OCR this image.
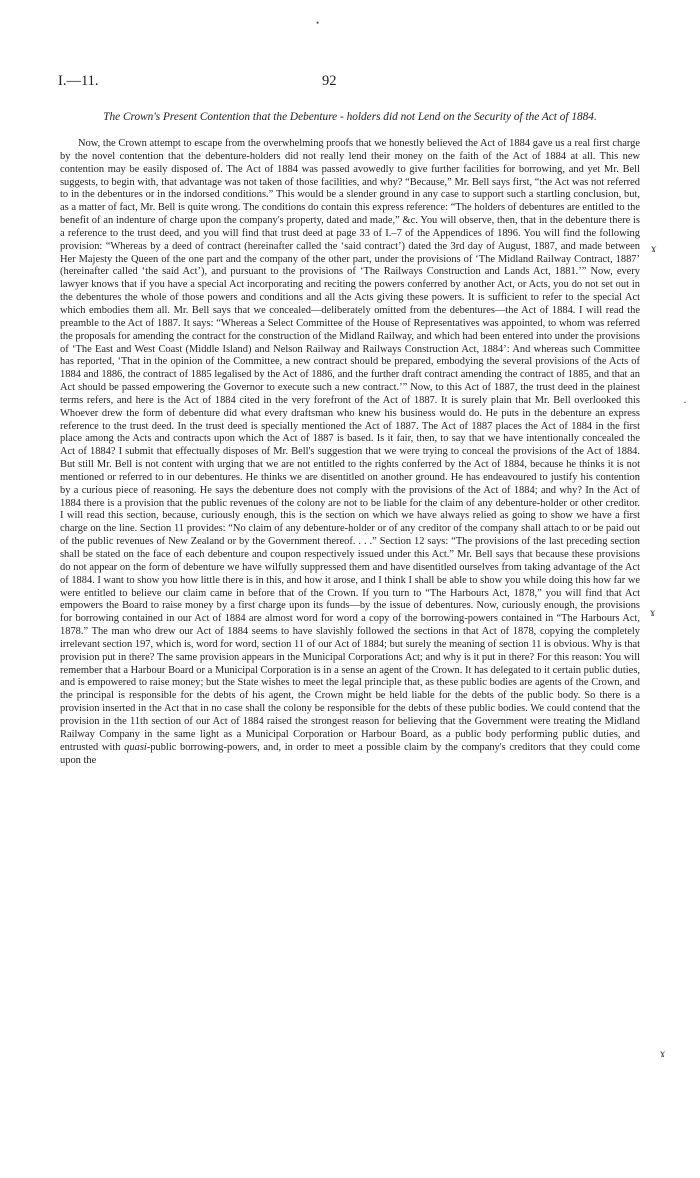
•
I.—11.	92
The Crown's Present Contention that the Debenture - holders did not Lend on the Security of the Act of 1884.

Now, the Crown attempt to escape from the overwhelming proofs that we honestly believed the Act of 1884 gave us a real first charge by the novel contention that the debenture-holders did not really lend their money on the faith of the Act of 1884 at all. This new contention may be easily disposed of. The Act of 1884 was passed avowedly to give further facilities for borrowing, and yet Mr. Bell suggests, to begin with, that advantage was not taken of those facilities, and why? “Because,” Mr. Bell says first, “the Act was not referred to in the debentures or in the indorsed conditions.” This would be a slender ground in any case to support such a startling conclusion, but, as a matter of fact, Mr. Bell is quite wrong. The conditions do contain this express reference: “The holders of debentures are entitled to the benefit of an indenture of charge upon the company's property, dated and made,” &c. You will observe, then, that in the debenture there is a reference to the trust deed, and you will find that trust deed at page 33 of I.–7 of the Appendices of 1896. You will find the following provision: “Whereas by a deed of contract (hereinafter called the ‘said contract’) dated the 3rd day of August, 1887, and made between Her Majesty the Queen of the one part and the company of the other part, under the provisions of ‘The Midland Railway Contract, 1887’ (hereinafter called ‘the said Act’), and pursuant to the provisions of ‘The Railways Construction and Lands Act, 1881.’” Now, every lawyer knows that if you have a special Act incorporating and reciting the powers conferred by another Act, or Acts, you do not set out in the debentures the whole of those powers and conditions and all the Acts giving these powers. It is sufficient to refer to the special Act which embodies them all. Mr. Bell says that we concealed—deliberately omitted from the debentures—the Act of 1884. I will read the preamble to the Act of 1887. It says: “Whereas a Select Committee of the House of Representatives was appointed, to whom was referred the proposals for amending the contract for the construction of the Midland Railway, and which had been entered into under the provisions of ‘The East and West Coast (Middle Island) and Nelson Railway and Railways Construction Act, 1884’: And whereas such Committee has reported, ‘That in the opinion of the Committee, a new contract should be prepared, embodying the several provisions of the Acts of 1884 and 1886, the contract of 1885 legalised by the Act of 1886, and the further draft contract amending the contract of 1885, and that an Act should be passed empowering the Governor to execute such a new contract.’” Now, to this Act of 1887, the trust deed in the plainest terms refers, and here is the Act of 1884 cited in the very forefront of the Act of 1887. It is surely plain that Mr. Bell overlooked this Whoever drew the form of debenture did what every draftsman who knew his business would do. He puts in the debenture an express reference to the trust deed. In the trust deed is specially mentioned the Act of 1887. The Act of 1887 places the Act of 1884 in the first place among the Acts and contracts upon which the Act of 1887 is based. Is it fair, then, to say that we have intentionally concealed the Act of 1884? I submit that effectually disposes of Mr. Bell's suggestion that we were trying to conceal the provisions of the Act of 1884. But still Mr. Bell is not content with urging that we are not entitled to the rights conferred by the Act of 1884, because he thinks it is not mentioned or referred to in our debentures. He thinks we are disentitled on another ground. He has endeavoured to justify his contention by a curious piece of reasoning. He says the debenture does not comply with the provisions of the Act of 1884; and why? In the Act of 1884 there is a provision that the public revenues of the colony are not to be liable for the claim of any debenture-holder or other creditor. I will read this section, because, curiously enough, this is the section on which we have always relied as going to show we have a first charge on the line. Section 11 provides: “No claim of any debenture-holder or of any creditor of the company shall attach to or be paid out of the public revenues of New Zealand or by the Government thereof. . . .” Section 12 says: “The provisions of the last preceding section shall be stated on the face of each debenture and coupon respectively issued under this Act.” Mr. Bell says that because these provisions do not appear on the form of debenture we have wilfully suppressed them and have disentitled ourselves from taking advantage of the Act of 1884. I want to show you how little there is in this, and how it arose, and I think I shall be able to show you while doing this how far we were entitled to believe our claim came in before that of the Crown. If you turn to “The Harbours Act, 1878,” you will find that Act empowers the Board to raise money by a first charge upon its funds—by the issue of debentures. Now, curiously enough, the provisions for borrowing contained in our Act of 1884 are almost word for word a copy of the borrowing-powers contained in “The Harbours Act, 1878.” The man who drew our Act of 1884 seems to have slavishly followed the sections in that Act of 1878, copying the completely irrelevant section 197, which is, word for word, section 11 of our Act of 1884; but surely the meaning of section 11 is obvious. Why is that provision put in there? The same provision appears in the Municipal Corporations Act; and why is it put in there? For this reason: You will remember that a Harbour Board or a Municipal Corporation is in a sense an agent of the Crown. It has delegated to it certain public duties, and is empowered to raise money; but the State wishes to meet the legal principle that, as these public bodies are agents of the Crown, and the principal is responsible for the debts of his agent, the Crown might be held liable for the debts of the public body. So there is a provision inserted in the Act that in no case shall the colony be responsible for the debts of these public bodies. We could contend that the provision in the 11th section of our Act of 1884 raised the strongest reason for believing that the Government were treating the Midland Railway Company in the same light as a Municipal Corporation or Harbour Board, as a public body performing public duties, and entrusted with quasi-public borrowing-powers, and, in order to meet a possible claim by the company's creditors that they could come upon the

ɤ
·
ɤ
ɤ
